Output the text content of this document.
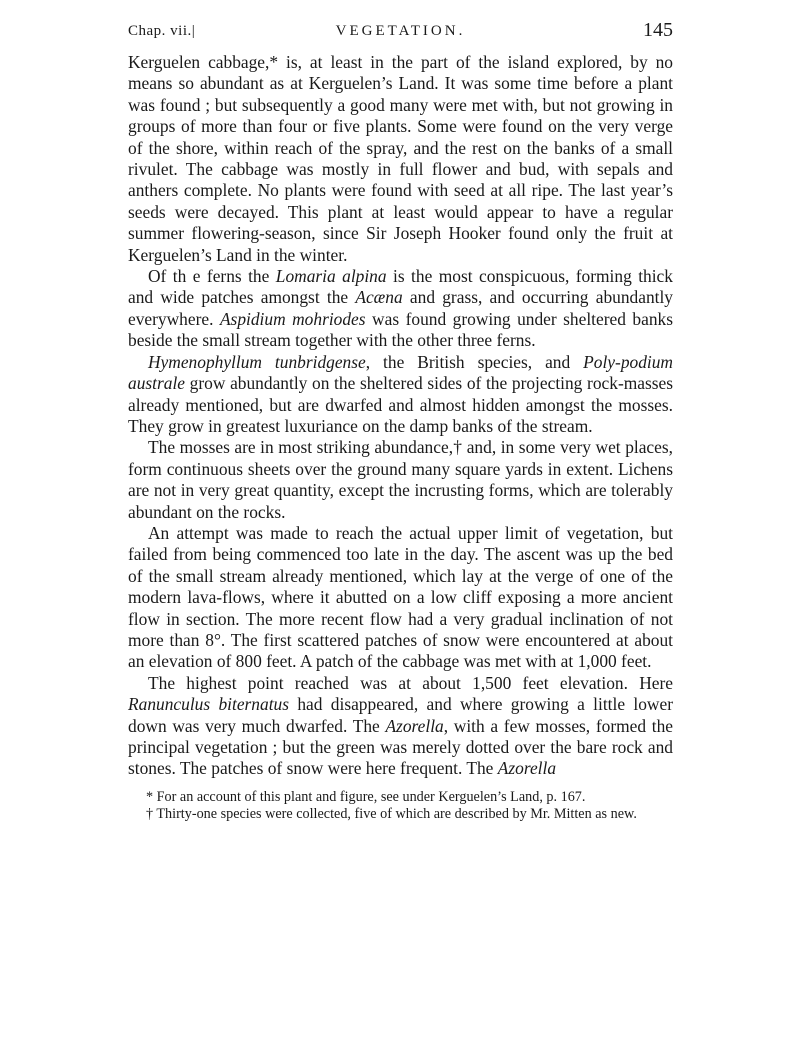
Chap. vii.|	VEGETATION.	145

Kerguelen cabbage,* is, at least in the part of the island explored, by no means so abundant as at Kerguelen’s Land. It was some time before a plant was found ; but subsequently a good many were met with, but not growing in groups of more than four or five plants. Some were found on the very verge of the shore, within reach of the spray, and the rest on the banks of a small rivulet. The cabbage was mostly in full flower and bud, with sepals and anthers complete. No plants were found with seed at all ripe. The last year’s seeds were decayed. This plant at least would appear to have a regular summer flowering-season, since Sir Joseph Hooker found only the fruit at Kerguelen’s Land in the winter.

Of th e ferns the Lomaria alpina is the most conspicuous, forming thick and wide patches amongst the Acæna and grass, and occurring abundantly everywhere. Aspidium mohriodes was found growing under sheltered banks beside the small stream together with the other three ferns.

Hymenophyllum tunbridgense, the British species, and Poly-podium australe grow abundantly on the sheltered sides of the projecting rock-masses already mentioned, but are dwarfed and almost hidden amongst the mosses. They grow in greatest luxuriance on the damp banks of the stream.

The mosses are in most striking abundance,† and, in some very wet places, form continuous sheets over the ground many square yards in extent. Lichens are not in very great quantity, except the incrusting forms, which are tolerably abundant on the rocks.

An attempt was made to reach the actual upper limit of vegetation, but failed from being commenced too late in the day. The ascent was up the bed of the small stream already mentioned, which lay at the verge of one of the modern lava-flows, where it abutted on a low cliff exposing a more ancient flow in section. The more recent flow had a very gradual inclination of not more than 8°. The first scattered patches of snow were encountered at about an elevation of 800 feet. A patch of the cabbage was met with at 1,000 feet.

The highest point reached was at about 1,500 feet elevation. Here Ranunculus biternatus had disappeared, and where growing a little lower down was very much dwarfed. The Azorella, with a few mosses, formed the principal vegetation ; but the green was merely dotted over the bare rock and stones. The patches of snow were here frequent. The Azorella

* For an account of this plant and figure, see under Kerguelen’s Land, p. 167.

† Thirty-one species were collected, five of which are described by Mr. Mitten as new.
